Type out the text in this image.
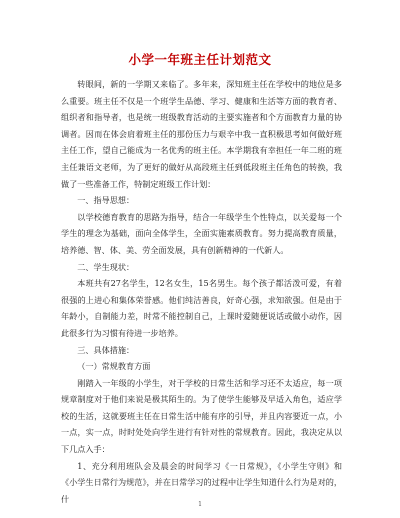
小学一年班主任计划范文

转眼间，新的一学期又来临了。多年来，深知班主任在学校中的地位是多么重要。班主任不仅是一个班学生品德、学习、健康和生活等方面的教育者、组织者和指导者，也是统一班级教育活动的主要实施者和个方面教育力量的协调者。因而在体会肩着班主任的那份压力与艰辛中我一直积极思考如何做好班主任工作，望自己能成为一名优秀的班主任。本学期我有幸担任一年二班的班主任兼语文老师，为了更好的做好从高段班主任到低段班主任角色的转换，我做了一些准备工作，特制定班级工作计划：

一、指导思想：

以学校德育教育的思路为指导，结合一年级学生个性特点，以关爱每一个学生的理念为基础，面向全体学生，全面实施素质教育。努力提高教育质量，培养德、智、体、美、劳全面发展，具有创新精神的一代新人。

二、学生现状：

本班共有27名学生，12名女生，15名男生。每个孩子都活泼可爱，有着很强的上进心和集体荣誉感。他们纯洁善良，好奇心强，求知欲强。但是由于年龄小，自制能力差，时常不能控制自己，上课时爱随便说话或做小动作，因此很多行为习惯有待进一步培养。

三、具体措施：

（一）常规教育方面

刚踏入一年级的小学生，对于学校的日常生活和学习还不太适应，每一项规章制度对于他们来说是极其陌生的。为了使学生能够及早适入角色，适应学校的生活，这就要班主任在日常生活中能有序的引导，并且内容要近一点，小一点，实一点，时时处处向学生进行有针对性的常规教育。因此，我决定从以下几点入手：

1、充分利用班队会及晨会的时间学习《一日常规》，《小学生守则》和《小学生日常行为规范》，并在日常学习的过程中让学生知道什么行为是对的，什

1
